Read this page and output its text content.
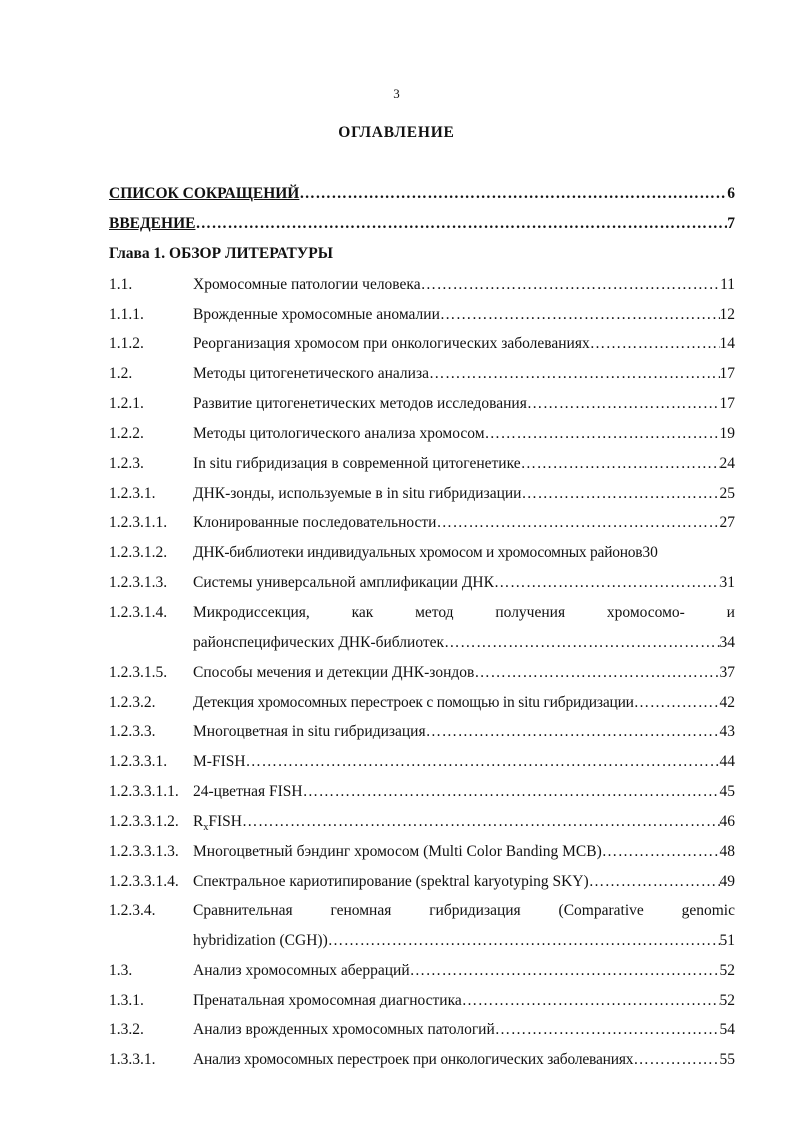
3
ОГЛАВЛЕНИЕ
СПИСОК СОКРАЩЕНИЙ …………………………………………………………………………………………………………………………………………………………	6
ВВЕДЕНИЕ …………………………………………………………………………………………………………………………………………………………	7
Глава 1. ОБЗОР ЛИТЕРАТУРЫ
1.1.	Хромосомные патологии человека …………………………………………………………………………………………………………………………………………………………	11
1.1.1.	Врожденные хромосомные аномалии …………………………………………………………………………………………………………………………………………………………	12
1.1.2.	Реорганизация хромосом при онкологических заболеваниях …………………………………………………………………………………………………………………………………………………………	14
1.2.	Методы цитогенетического анализа …………………………………………………………………………………………………………………………………………………………	17
1.2.1.	Развитие цитогенетических методов исследования …………………………………………………………………………………………………………………………………………………………	17
1.2.2.	Методы цитологического анализа хромосом …………………………………………………………………………………………………………………………………………………………	19
1.2.3.	In situ гибридизация в современной цитогенетике …………………………………………………………………………………………………………………………………………………………	24
1.2.3.1.	ДНК-зонды, используемые в in situ гибридизации …………………………………………………………………………………………………………………………………………………………	25
1.2.3.1.1.	Клонированные последовательности …………………………………………………………………………………………………………………………………………………………	27
1.2.3.1.2.	ДНК-библиотеки индивидуальных хромосом и хромосомных районов 30
1.2.3.1.3.	Системы универсальной амплификации ДНК …………………………………………………………………………………………………………………………………………………………	31
1.2.3.1.4.	Микродиссекция,	как	метод	получения	хромосомо-	и
районспецифических ДНК-библиотек …………………………………………………………………………………………………………………………………………………………	34
1.2.3.1.5.	Способы мечения и детекции ДНК-зондов …………………………………………………………………………………………………………………………………………………………	37
1.2.3.2.	Детекция хромосомных перестроек с помощью in situ гибридизации …………………………………………………………………………………………………………………………………………………………	42
1.2.3.3.	Многоцветная in situ гибридизация …………………………………………………………………………………………………………………………………………………………	43
1.2.3.3.1.	M-FISH …………………………………………………………………………………………………………………………………………………………	44
1.2.3.3.1.1. 24-цветная FISH …………………………………………………………………………………………………………………………………………………………	45
1.2.3.3.1.2. $R_xFISH$ …………………………………………………………………………………………………………………………………………………………	46
1.2.3.3.1.3. Многоцветный бэндинг хромосом (Multi Color Banding MCB) …………………………………………………………………………………………………………………………………………………………	48
1.2.3.3.1.4. Спектральное кариотипирование (spektral karyotyping SKY) …………………………………………………………………………………………………………………………………………………………	49
1.2.3.4.	Сравнительная геномная гибридизация (Comparative genomic
hybridization (CGH)) …………………………………………………………………………………………………………………………………………………………	51
1.3.	Анализ хромосомных аберраций …………………………………………………………………………………………………………………………………………………………	52
1.3.1.	Пренатальная хромосомная диагностика …………………………………………………………………………………………………………………………………………………………	52
1.3.2.	Анализ врожденных хромосомных патологий …………………………………………………………………………………………………………………………………………………………	54
1.3.3.1.	Анализ хромосомных перестроек при онкологических заболеваниях …………………………………………………………………………………………………………………………………………………………	55
